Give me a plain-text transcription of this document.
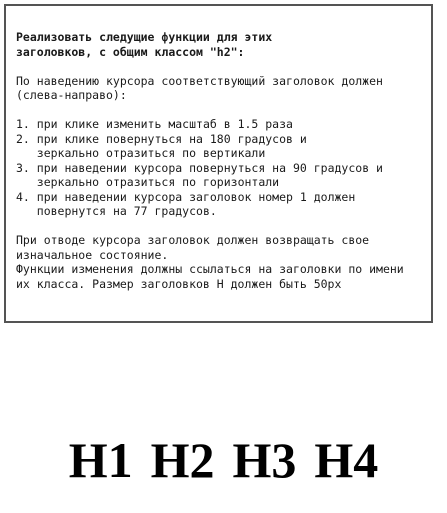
Реализовать следущие функции для этих
заголовков, с общим классом "h2":
По наведению курсора соответствующий заголовок должен
(слева-направо):
1. при клике изменить масштаб в 1.5 раза
2. при клике повернуться на 180 градусов и
зеркально отразиться по вертикали
3. при наведении курсора повернуться на 90 градусов и
зеркально отразиться по горизонтали
4. при наведении курсора заголовок номер 1 должен
повернутся на 77 градусов.
При отводе курсора заголовок должен возвращать свое
изначальное состояние.
Функции изменения должны ссылаться на заголовки по имени
их класса. Размер заголовков H должен быть 50px
H1 H2 H3 H4
